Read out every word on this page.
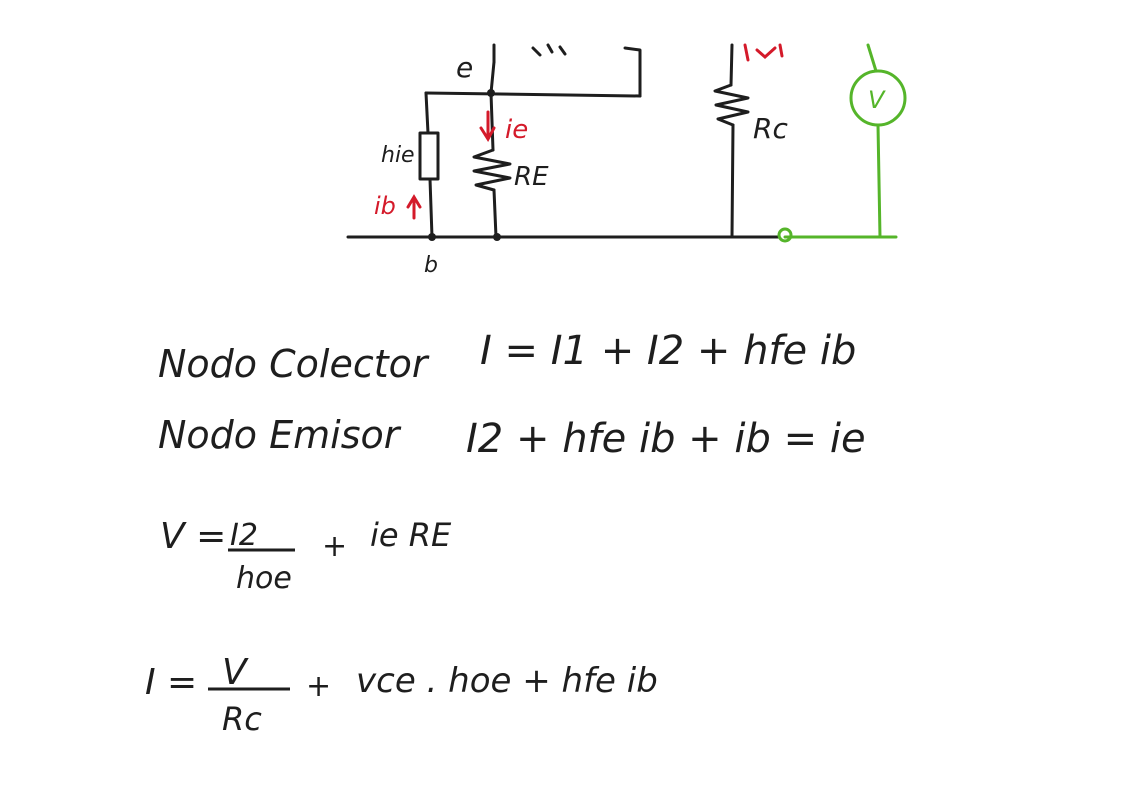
e
b
hie
ib
ie
RE
Rc
V
Nodo Colector I = I1 + I2 + hfe ib
Nodo Emisor I2 + hfe ib + ib = ie
V = I2
hoe
+ ie RE
I = V
Rc
+ vce . hoe + hfe ib
